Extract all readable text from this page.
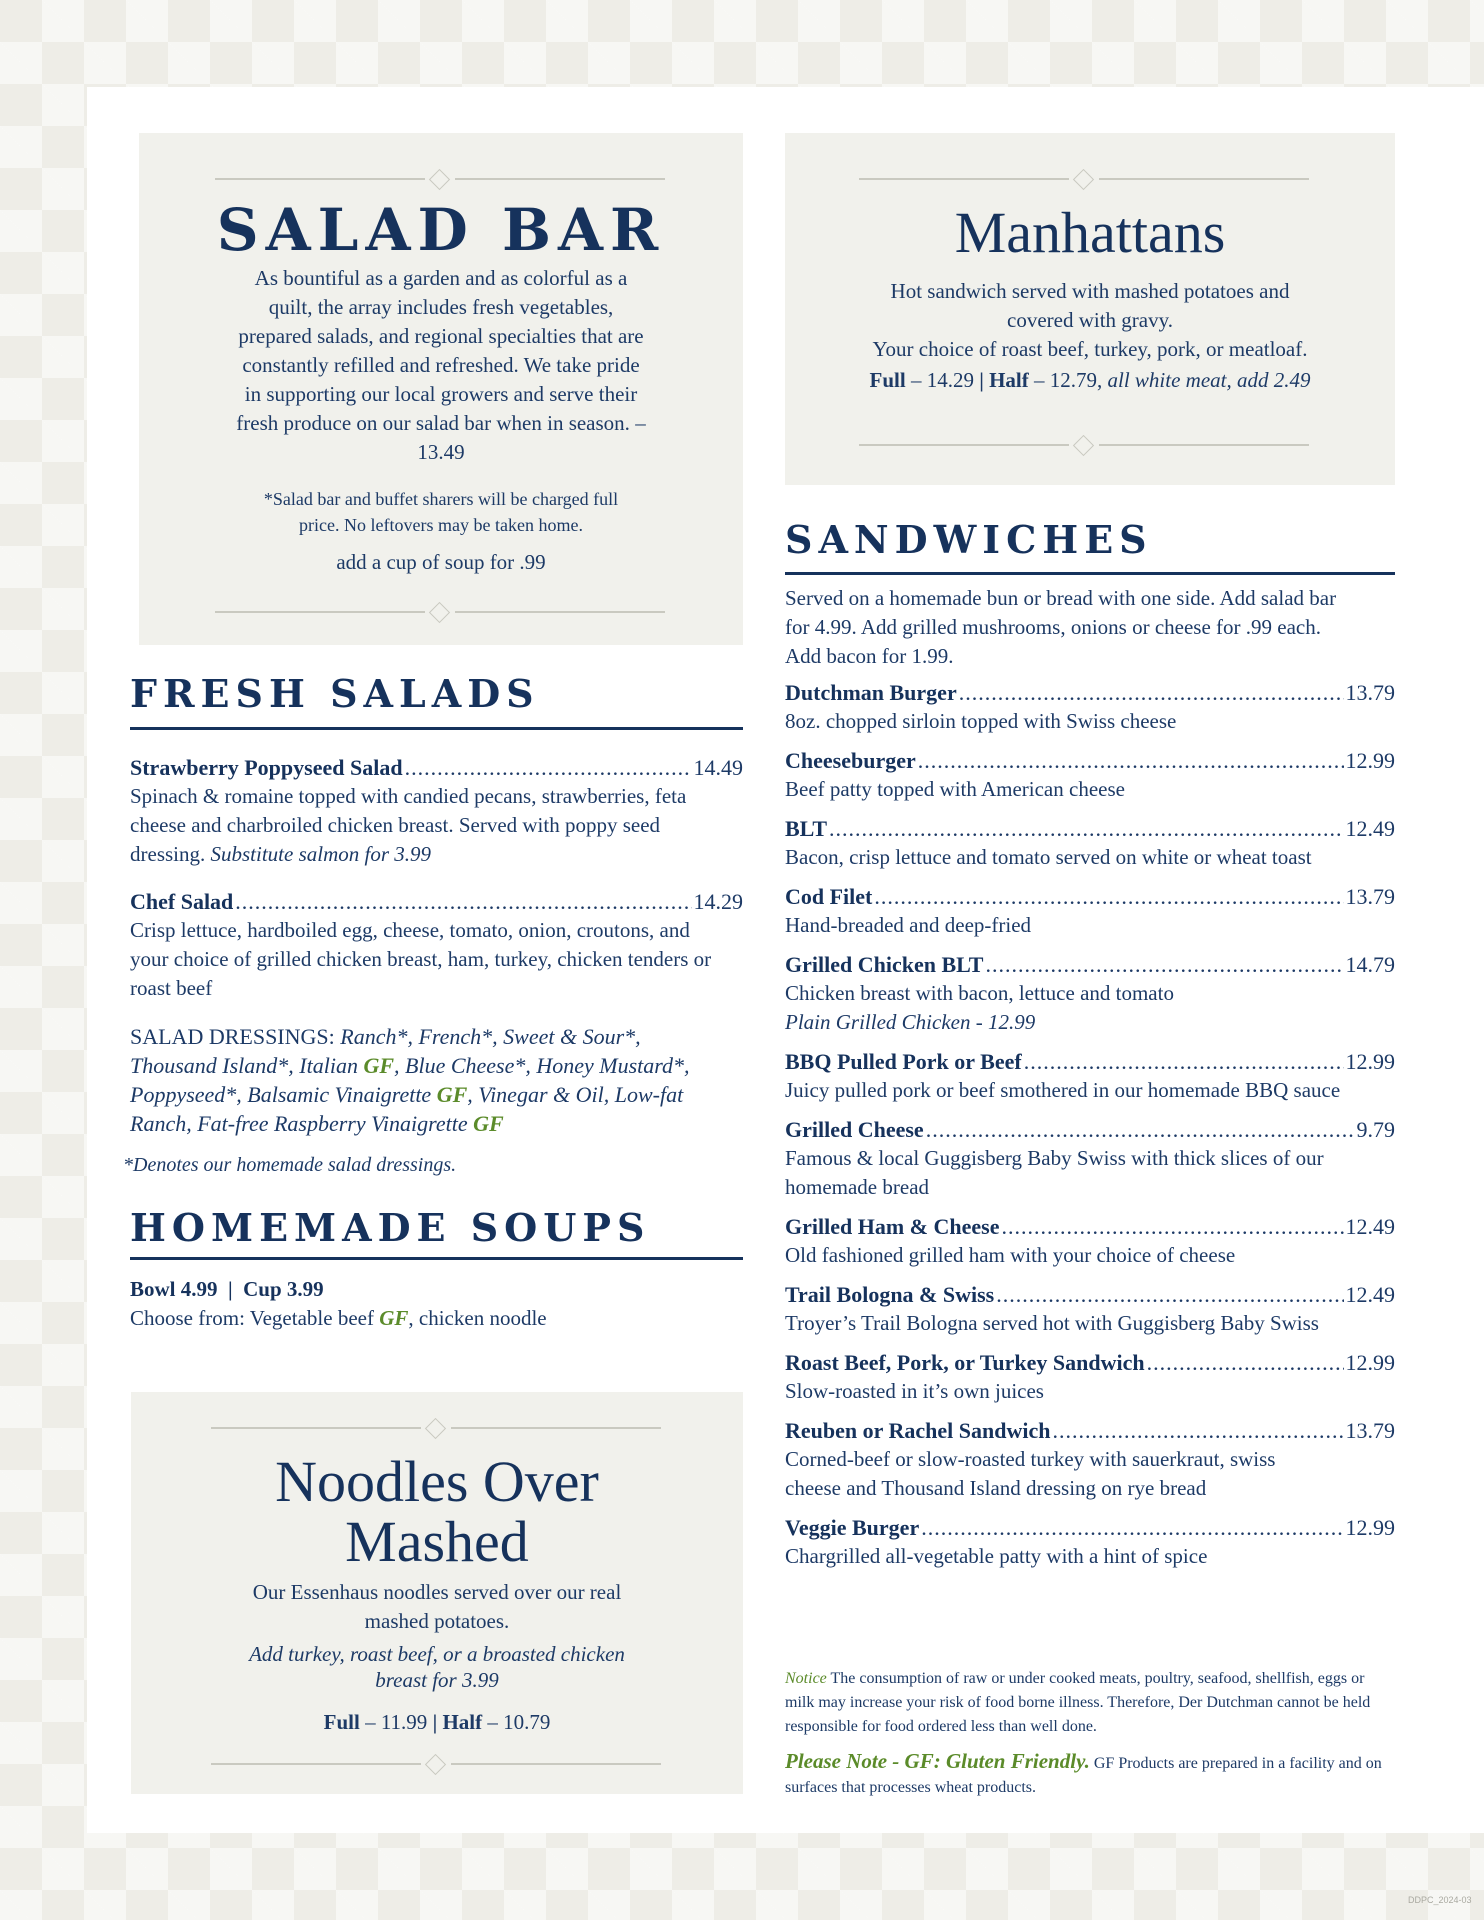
SALAD BAR
As bountiful as a garden and as colorful as a quilt, the array includes fresh vegetables, prepared salads, and regional specialties that are constantly refilled and refreshed. We take pride in supporting our local growers and serve their fresh produce on our salad bar when in season. – 13.49
*Salad bar and buffet sharers will be charged full price. No leftovers may be taken home.
add a cup of soup for .99
FRESH SALADS
Strawberry Poppyseed Salad .....	14.49
Spinach & romaine topped with candied pecans, strawberries, feta cheese and charbroiled chicken breast. Served with poppy seed dressing. Substitute salmon for 3.99
Chef Salad .....	14.29
Crisp lettuce, hardboiled egg, cheese, tomato, onion, croutons, and your choice of grilled chicken breast, ham, turkey, chicken tenders or roast beef
SALAD DRESSINGS: Ranch*, French*, Sweet & Sour*, Thousand Island*, Italian GF, Blue Cheese*, Honey Mustard*, Poppyseed*, Balsamic Vinaigrette GF, Vinegar & Oil, Low-fat Ranch, Fat-free Raspberry Vinaigrette GF
*Denotes our homemade salad dressings.
HOMEMADE SOUPS
Bowl 4.99  |  Cup 3.99
Choose from: Vegetable beef GF, chicken noodle
Noodles Over
Mashed
Our Essenhaus noodles served over our real mashed potatoes.
Add turkey, roast beef, or a broasted chicken breast for 3.99
Full – 11.99 | Half – 10.79
Manhattans
Hot sandwich served with mashed potatoes and covered with gravy.
Your choice of roast beef, turkey, pork, or meatloaf.
Full – 14.29 | Half – 12.79, all white meat, add 2.49
SANDWICHES
Served on a homemade bun or bread with one side. Add salad bar for 4.99. Add grilled mushrooms, onions or cheese for .99 each. Add bacon for 1.99.
Dutchman Burger .....	13.79
8oz. chopped sirloin topped with Swiss cheese
Cheeseburger .....	12.99
Beef patty topped with American cheese
BLT .....	12.49
Bacon, crisp lettuce and tomato served on white or wheat toast
Cod Filet .....	13.79
Hand-breaded and deep-fried
Grilled Chicken BLT .....	14.79
Chicken breast with bacon, lettuce and tomato
Plain Grilled Chicken - 12.99
BBQ Pulled Pork or Beef .....	12.99
Juicy pulled pork or beef smothered in our homemade BBQ sauce
Grilled Cheese .....	9.79
Famous & local Guggisberg Baby Swiss with thick slices of our homemade bread
Grilled Ham & Cheese .....	12.49
Old fashioned grilled ham with your choice of cheese
Trail Bologna & Swiss .....	12.49
Troyer’s Trail Bologna served hot with Guggisberg Baby Swiss
Roast Beef, Pork, or Turkey Sandwich .....	12.99
Slow-roasted in it’s own juices
Reuben or Rachel Sandwich .....	13.79
Corned-beef or slow-roasted turkey with sauerkraut, swiss cheese and Thousand Island dressing on rye bread
Veggie Burger .....	12.99
Chargrilled all-vegetable patty with a hint of spice
Notice The consumption of raw or under cooked meats, poultry, seafood, shellfish, eggs or milk may increase your risk of food borne illness. Therefore, Der Dutchman cannot be held responsible for food ordered less than well done.
Please Note - GF: Gluten Friendly. GF Products are prepared in a facility and on surfaces that processes wheat products.
DDPC_2024-03
